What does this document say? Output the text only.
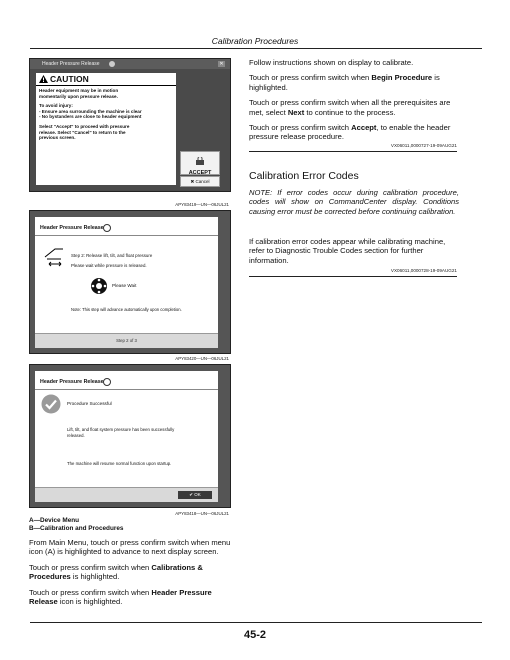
Calibration Procedures
Header Pressure Release	✕
CAUTION
Header equipment may be in motion
momentarily upon pressure release.
To avoid injury:
- Ensure area surrounding the machine is clear
- No bystanders are close to header equipment
Select "Accept" to proceed with pressure
release. Select "Cancel" to return to the
previous screen.
ACCEPT
✖ Cancel
APY83419—UN—06JUL21
Header Pressure Release
Step 2: Release lift, tilt, and float pressure
Please wait while pressure is released.
Please Wait
Note: This step will advance automatically upon completion.
Step 2 of 3
APY83420—UN—06JUL21
Header Pressure Release
Procedure Successful
Lift, tilt, and float system pressure has been successfully
released.
The machine will resume normal function upon startup.
✔ OK
APY83418—UN—06JUL21
A—Device Menu
B—Calibration and Procedures

From Main Menu, touch or press confirm switch when menu icon (A) is highlighted to advance to next display screen.

Touch or press confirm switch when Calibrations & Procedures is highlighted.

Touch or press confirm switch when Header Pressure Release icon is highlighted.

Follow instructions shown on display to calibrate.

Touch or press confirm switch when Begin Procedure is highlighted.

Touch or press confirm switch when all the prerequisites are met, select Next to continue to the process.

Touch or press confirm switch Accept, to enable the header pressure release procedure.

VX06011,0000727-19-09AUG21
Calibration Error Codes
NOTE: If error codes occur during calibration procedure, codes will show on CommandCenter display. Conditions causing error must be corrected before continuing calibration.
If calibration error codes appear while calibrating machine, refer to Diagnostic Trouble Codes section for further information.
VX06011,0000728-19-09AUG21
45-2
